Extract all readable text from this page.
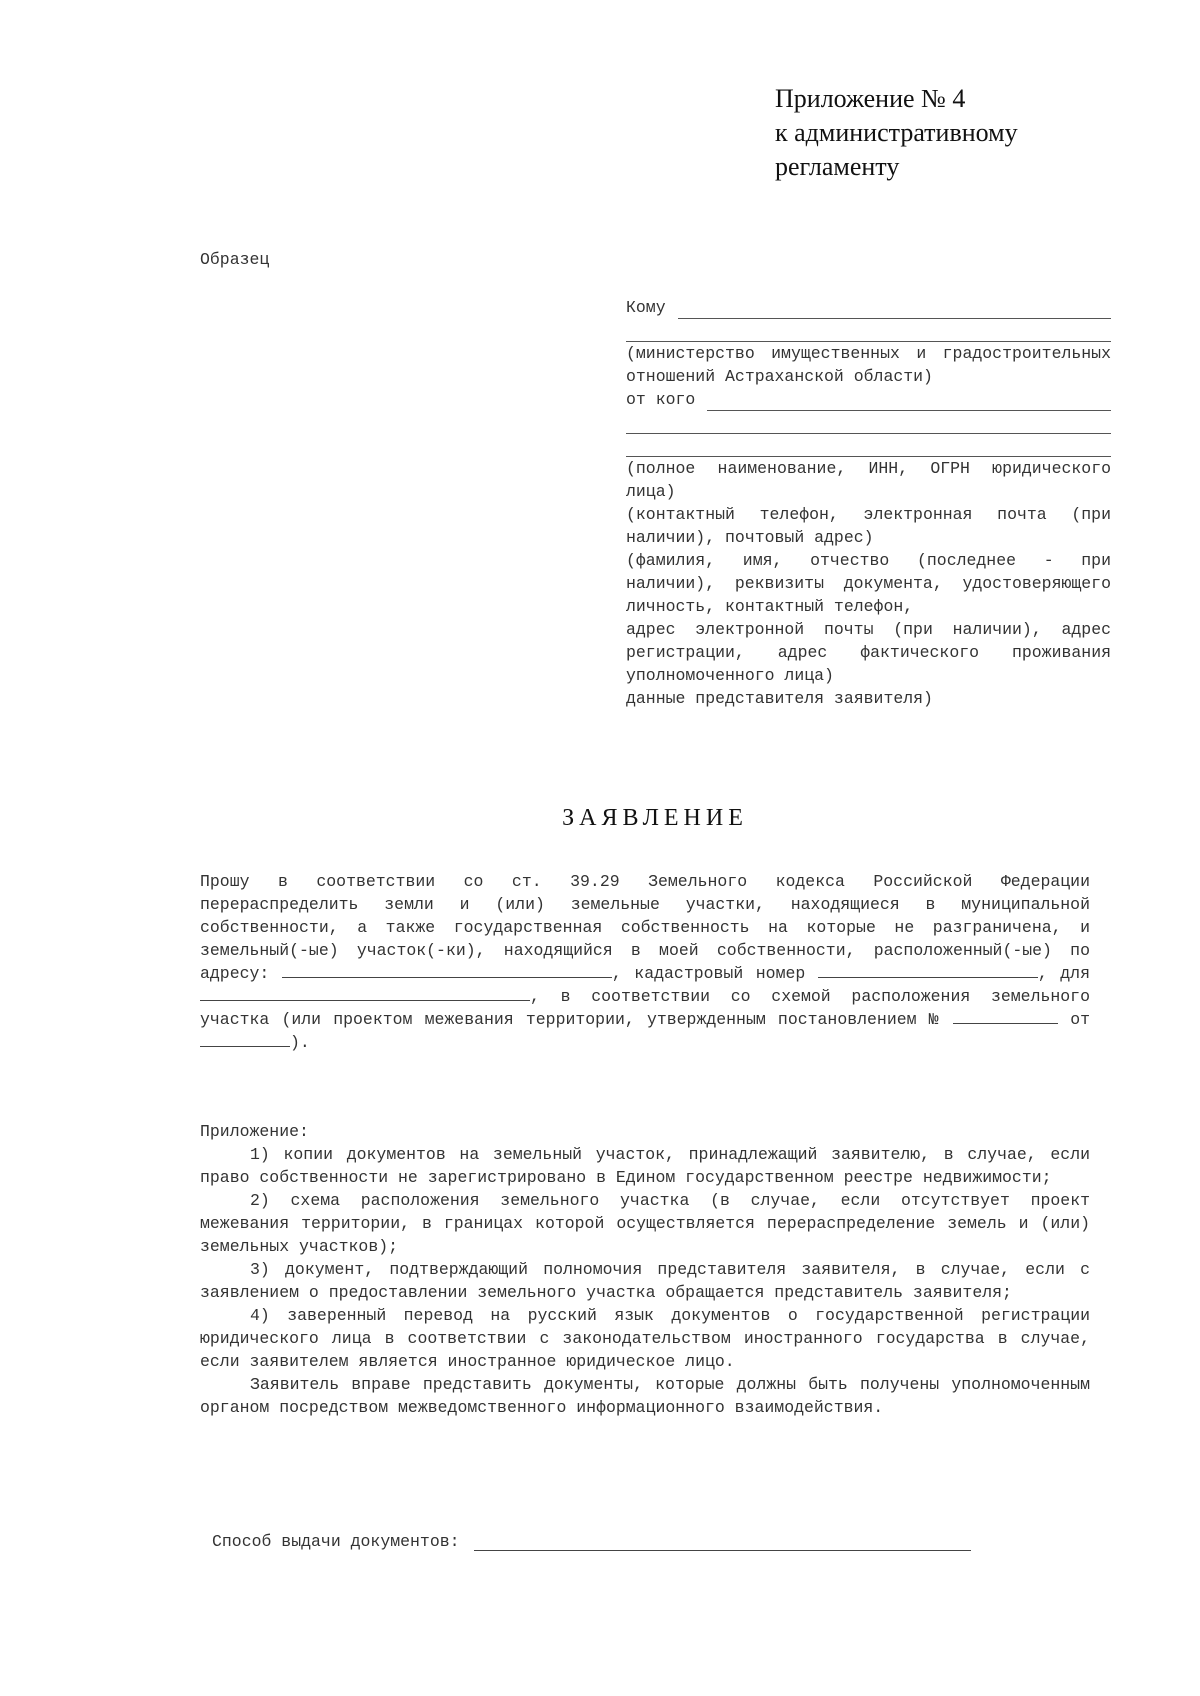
Приложение № 4
к административному
регламенту
Образец
Кому

(министерство имущественных и градостроительных отношений Астраханской области)

от кого

(полное наименование, ИНН, ОГРН юридического лица)

(контактный телефон, электронная почта (при наличии), почтовый адрес)

(фамилия, имя, отчество (последнее - при наличии), реквизиты документа, удостоверяющего личность, контактный телефон,

адрес электронной почты (при наличии), адрес регистрации, адрес фактического проживания уполномоченного лица)

данные представителя заявителя)

ЗАЯВЛЕНИЕ

Прошу в соответствии со ст. 39.29 Земельного кодекса Российской Федерации перераспределить земли и (или) земельные участки, находящиеся в муниципальной собственности, а также государственная собственность на которые не разграничена, и земельный(-ые) участок(-ки), находящийся в моей собственности, расположенный(-ые) по адресу:	, кадастровый номер	, для , в соответствии со схемой расположения земельного участка (или проектом межевания территории, утвержденным постановлением №	от ).

Приложение:

1) копии документов на земельный участок, принадлежащий заявителю, в случае, если право собственности не зарегистрировано в Едином государственном реестре недвижимости;

2) схема расположения земельного участка (в случае, если отсутствует проект межевания территории, в границах которой осуществляется перераспределение земель и (или) земельных участков);

3) документ, подтверждающий полномочия представителя заявителя, в случае, если с заявлением о предоставлении земельного участка обращается представитель заявителя;

4) заверенный перевод на русский язык документов о государственной регистрации юридического лица в соответствии с законодательством иностранного государства в случае, если заявителем является иностранное юридическое лицо.

Заявитель вправе представить документы, которые должны быть получены уполномоченным органом посредством межведомственного информационного взаимодействия.

Способ выдачи документов:
